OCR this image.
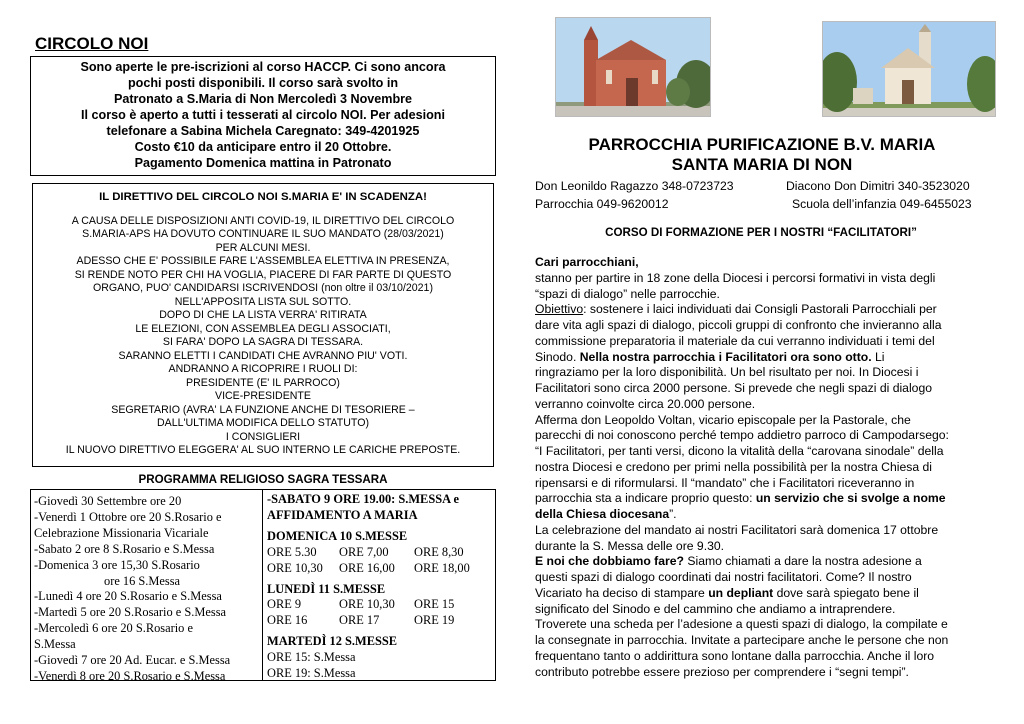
CIRCOLO NOI
Sono aperte le pre-iscrizioni al corso HACCP. Ci sono ancora
pochi posti disponibili. Il corso sarà svolto in
Patronato a S.Maria di Non Mercoledì 3 Novembre
Il corso è aperto a tutti i tesserati al circolo NOI. Per adesioni
telefonare a Sabina Michela Caregnato: 349-4201925
Costo €10 da anticipare entro il 20 Ottobre.
Pagamento Domenica mattina in Patronato
IL DIRETTIVO DEL CIRCOLO NOI S.MARIA E' IN SCADENZA!
A CAUSA DELLE DISPOSIZIONI ANTI COVID-19, IL DIRETTIVO DEL CIRCOLO
S.MARIA-APS HA DOVUTO CONTINUARE IL SUO MANDATO (28/03/2021)
PER ALCUNI MESI.
ADESSO CHE E' POSSIBILE FARE L'ASSEMBLEA ELETTIVA IN PRESENZA,
SI RENDE NOTO PER CHI HA VOGLIA, PIACERE DI FAR PARTE DI QUESTO
ORGANO, PUO' CANDIDARSI ISCRIVENDOSI (non oltre il 03/10/2021)
NELL'APPOSITA LISTA SUL SOTTO.
DOPO DI CHE LA LISTA VERRA' RITIRATA
LE ELEZIONI, CON ASSEMBLEA DEGLI ASSOCIATI,
SI FARA' DOPO LA SAGRA DI TESSARA.
SARANNO ELETTI I CANDIDATI CHE AVRANNO PIU' VOTI.
ANDRANNO A RICOPRIRE I RUOLI DI:
PRESIDENTE (E' IL PARROCO)
VICE-PRESIDENTE
SEGRETARIO (AVRA' LA FUNZIONE ANCHE DI TESORIERE –
DALL'ULTIMA MODIFICA DELLO STATUTO)
I CONSIGLIERI
IL NUOVO DIRETTIVO ELEGGERA' AL SUO INTERNO LE CARICHE PREPOSTE.
PROGRAMMA RELIGIOSO SAGRA TESSARA
-Giovedì 30 Settembre ore 20
-Venerdì 1 Ottobre ore 20 S.Rosario e
Celebrazione Missionaria Vicariale
-Sabato 2 ore 8 S.Rosario e S.Messa
-Domenica 3 ore 15,30 S.Rosario
ore 16 S.Messa
-Lunedì 4 ore 20 S.Rosario e S.Messa
-Martedì 5 ore 20 S.Rosario e S.Messa
-Mercoledì 6 ore 20 S.Rosario e
S.Messa
-Giovedì 7 ore 20 Ad. Eucar. e S.Messa
-Venerdì 8 ore 20 S.Rosario e S.Messa
-SABATO 9 ORE 19.00: S.MESSA e
AFFIDAMENTO A MARIA
DOMENICA 10 S.MESSE
ORE 5.30	ORE 7,00	ORE 8,30
ORE 10,30	ORE 16,00	ORE 18,00
LUNEDÌ 11 S.MESSE
ORE 9	ORE 10,30	ORE 15
ORE 16	ORE 17	ORE 19
MARTEDÌ 12 S.MESSE
ORE 15: S.Messa
ORE 19: S.Messa
PARROCCHIA PURIFICAZIONE B.V. MARIA
SANTA MARIA DI NON
Don Leonildo Ragazzo 348-0723723	Diacono Don Dimitri 340-3523020
Parrocchia 049-9620012	Scuola dell’infanzia 049-6455023
CORSO DI FORMAZIONE PER I NOSTRI “FACILITATORI”
Cari parrocchiani,
stanno per partire in 18 zone della Diocesi i percorsi formativi in vista degli
“spazi di dialogo” nelle parrocchie.
Obiettivo: sostenere i laici individuati dai Consigli Pastorali Parrocchiali per
dare vita agli spazi di dialogo, piccoli gruppi di confronto che invieranno alla
commissione preparatoria il materiale da cui verranno individuati i temi del
Sinodo. Nella nostra parrocchia i Facilitatori ora sono otto. Li
ringraziamo per la loro disponibilità. Un bel risultato per noi. In Diocesi i
Facilitatori sono circa 2000 persone. Si prevede che negli spazi di dialogo
verranno coinvolte circa 20.000 persone.
Afferma don Leopoldo Voltan, vicario episcopale per la Pastorale, che
parecchi di noi conoscono perché tempo addietro parroco di Campodarsego:
“I Facilitatori, per tanti versi, dicono la vitalità della “carovana sinodale” della
nostra Diocesi e credono per primi nella possibilità per la nostra Chiesa di
ripensarsi e di riformularsi. Il “mandato” che i Facilitatori riceveranno in
parrocchia sta a indicare proprio questo: un servizio che si svolge a nome
della Chiesa diocesana”.
La celebrazione del mandato ai nostri Facilitatori sarà domenica 17 ottobre
durante la S. Messa delle ore 9.30.
E noi che dobbiamo fare? Siamo chiamati a dare la nostra adesione a
questi spazi di dialogo coordinati dai nostri facilitatori. Come? Il nostro
Vicariato ha deciso di stampare un depliant dove sarà spiegato bene il
significato del Sinodo e del cammino che andiamo a intraprendere.
Troverete una scheda per l’adesione a questi spazi di dialogo, la compilate e
la consegnate in parrocchia. Invitate a partecipare anche le persone che non
frequentano tanto o addirittura sono lontane dalla parrocchia. Anche il loro
contributo potrebbe essere prezioso per comprendere i “segni tempi”.
